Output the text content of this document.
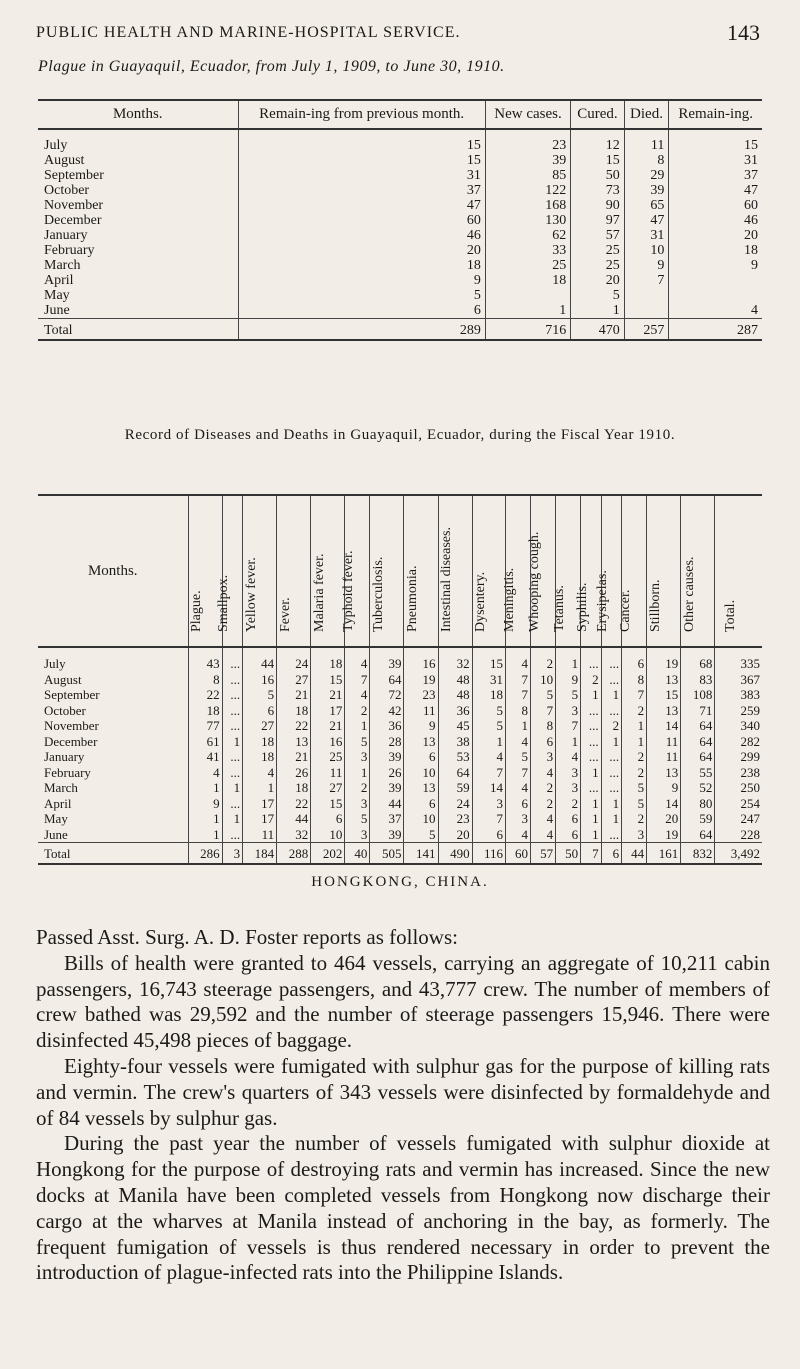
PUBLIC HEALTH AND MARINE-HOSPITAL SERVICE.	143
Plague in Guayaquil, Ecuador, from July 1, 1909, to June 30, 1910.
Months.	Remain-ing from previous month.	New cases.	Cured.	Died.	Remain-ing.
July	15	23	12	11	15
August	15	39	15	8	31
September	31	85	50	29	37
October	37	122	73	39	47
November	47	168	90	65	60
December	60	130	97	47	46
January	46	62	57	31	20
February	20	33	25	10	18
March	18	25	25	9	9
April	9	18	20	7	
May	5		5		
June	6	1	1		4
Total	289	716	470	257	287
Record of Diseases and Deaths in Guayaquil, Ecuador, during the Fiscal Year 1910.
Months.	Plague.	Smallpox.	Yellow fever.	Fever.	Malaria fever.	Typhoid fever.	Tuberculosis.	Pneumonia.	Intestinal diseases.	Dysentery.	Meningitis.	Whooping cough.	Tetanus.	Syphilis.	Erysipelas.	Cancer.	Stillborn.	Other causes.	Total.

July	43	...	44	24	18	4	39	16	32	15	4	2	1	...	...	6	19	68	335
August	8	...	16	27	15	7	64	19	48	31	7	10	9	2	...	8	13	83	367
September	22	...	5	21	21	4	72	23	48	18	7	5	5	1	1	7	15	108	383
October	18	...	6	18	17	2	42	11	36	5	8	7	3	...	...	2	13	71	259
November	77	...	27	22	21	1	36	9	45	5	1	8	7	...	2	1	14	64	340
December	61	1	18	13	16	5	28	13	38	1	4	6	1	...	1	1	11	64	282
January	41	...	18	21	25	3	39	6	53	4	5	3	4	...	...	2	11	64	299
February	4	...	4	26	11	1	26	10	64	7	7	4	3	1	...	2	13	55	238
March	1	1	1	18	27	2	39	13	59	14	4	2	3	...	...	5	9	52	250
April	9	...	17	22	15	3	44	6	24	3	6	2	2	1	1	5	14	80	254
May	1	1	17	44	6	5	37	10	23	7	3	4	6	1	1	2	20	59	247
June	1	...	11	32	10	3	39	5	20	6	4	4	6	1	...	3	19	64	228
Total	286	3	184	288	202	40	505	141	490	116	60	57	50	7	6	44	161	832	3,492
HONGKONG, CHINA.

Passed Asst. Surg. A. D. Foster reports as follows:

Bills of health were granted to 464 vessels, carrying an aggregate of 10,211 cabin passengers, 16,743 steerage passengers, and 43,777 crew. The number of members of crew bathed was 29,592 and the number of steerage passengers 15,946. There were disinfected 45,498 pieces of baggage.

Eighty-four vessels were fumigated with sulphur gas for the purpose of killing rats and vermin. The crew's quarters of 343 vessels were disinfected by formaldehyde and of 84 vessels by sulphur gas.

During the past year the number of vessels fumigated with sulphur dioxide at Hongkong for the purpose of destroying rats and vermin has increased. Since the new docks at Manila have been completed vessels from Hongkong now discharge their cargo at the wharves at Manila instead of anchoring in the bay, as formerly. The frequent fumigation of vessels is thus rendered necessary in order to prevent the introduction of plague-infected rats into the Philippine Islands.
